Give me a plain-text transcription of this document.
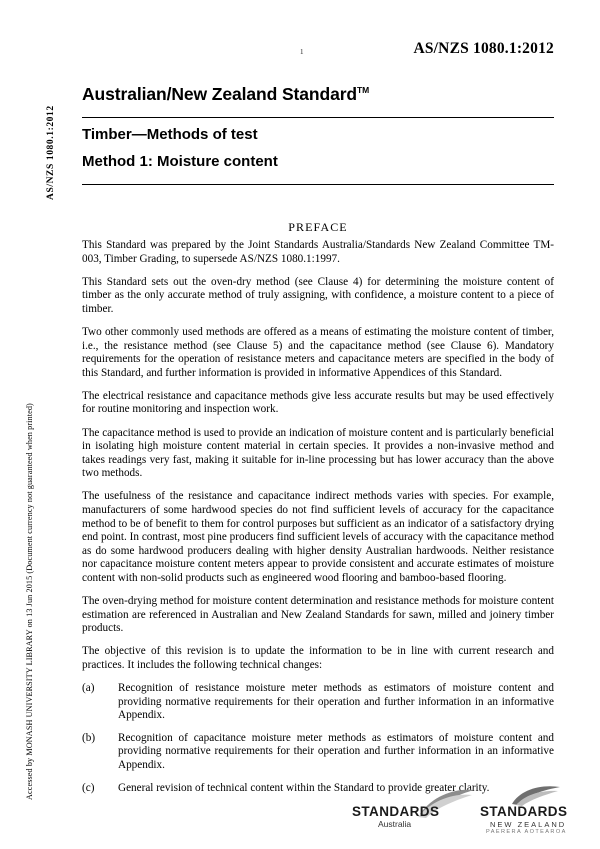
AS/NZS 1080.1:2012
Accessed by MONASH UNIVERSITY LIBRARY on 13 Jun 2015 (Document currency not guaranteed when printed)
1	AS/NZS 1080.1:2012
Australian/New Zealand Standard™
Timber—Methods of test
Method 1: Moisture content
PREFACE

This Standard was prepared by the Joint Standards Australia/Standards New Zealand Committee TM-003, Timber Grading, to supersede AS/NZS 1080.1:1997.

This Standard sets out the oven-dry method (see Clause 4) for determining the moisture content of timber as the only accurate method of truly assigning, with confidence, a moisture content to a piece of timber.

Two other commonly used methods are offered as a means of estimating the moisture content of timber, i.e., the resistance method (see Clause 5) and the capacitance method (see Clause 6). Mandatory requirements for the operation of resistance meters and capacitance meters are specified in the body of this Standard, and further information is provided in informative Appendices of this Standard.

The electrical resistance and capacitance methods give less accurate results but may be used effectively for routine monitoring and inspection work.

The capacitance method is used to provide an indication of moisture content and is particularly beneficial in isolating high moisture content material in certain species. It provides a non-invasive method and takes readings very fast, making it suitable for in-line processing but has lower accuracy than the above two methods.

The usefulness of the resistance and capacitance indirect methods varies with species. For example, manufacturers of some hardwood species do not find sufficient levels of accuracy for the capacitance method to be of benefit to them for control purposes but sufficient as an indicator of a satisfactory drying end point. In contrast, most pine producers find sufficient levels of accuracy with the capacitance method as do some hardwood producers dealing with higher density Australian hardwoods. Neither resistance nor capacitance moisture content meters appear to provide consistent and accurate estimates of moisture content with non-solid products such as engineered wood flooring and bamboo-based flooring.

The oven-drying method for moisture content determination and resistance methods for moisture content estimation are referenced in Australian and New Zealand Standards for sawn, milled and joinery timber products.

The objective of this revision is to update the information to be in line with current research and practices. It includes the following technical changes:

(a)	Recognition of resistance moisture meter methods as estimators of moisture content and providing normative requirements for their operation and further information in an informative Appendix.
(b)	Recognition of capacitance moisture meter methods as estimators of moisture content and providing normative requirements for their operation and further information in an informative Appendix.
(c)	General revision of technical content within the Standard to provide greater clarity.
STANDARDS
Australia
STANDARDS
NEW ZEALAND
PAERERA AOTEAROA
